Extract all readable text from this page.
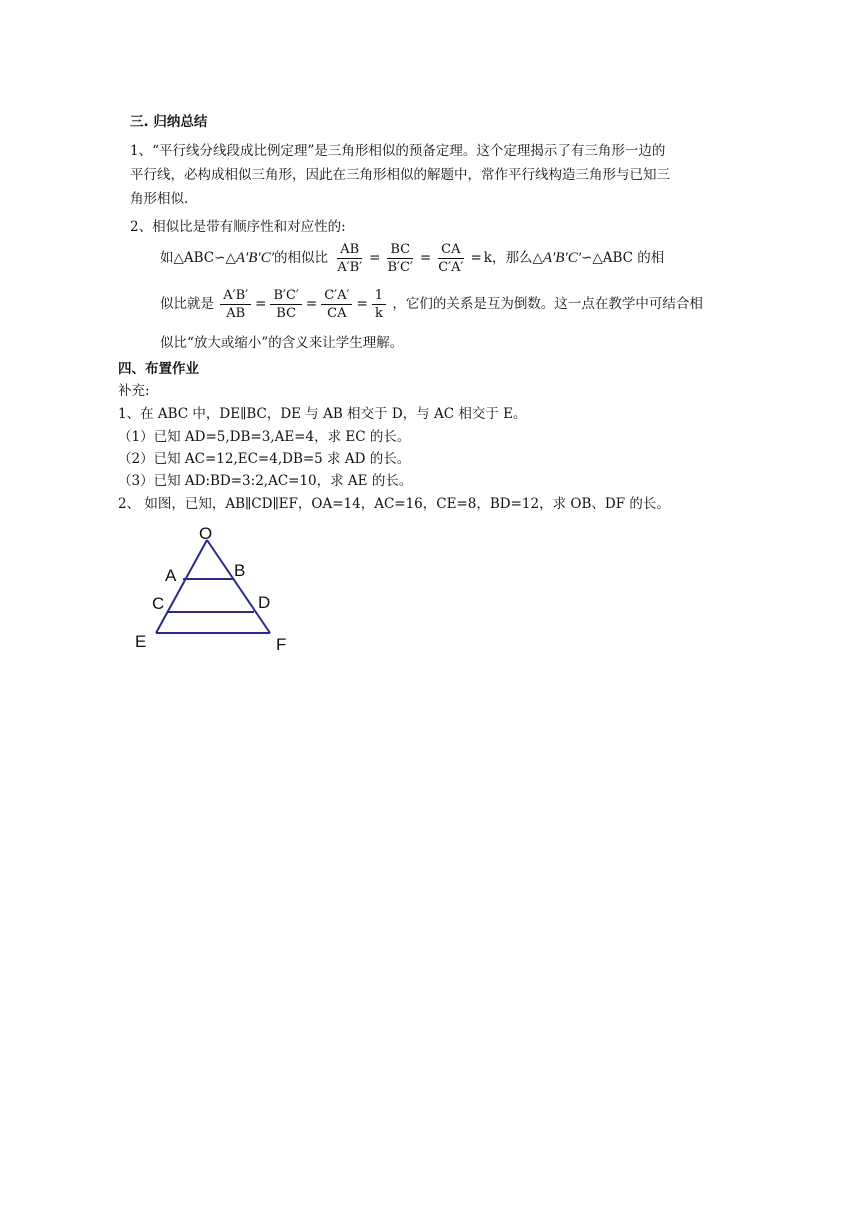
三. 归纳总结
1、“平行线分线段成比例定理”是三角形相似的预备定理。这个定理揭示了有三角形一边的
平行线，必构成相似三角形，因此在三角形相似的解题中，常作平行线构造三角形与已知三
角形相似.
2、相似比是带有顺序性和对应性的:
如△ABC∽△A′B′C′的相似比 $\frac{AB}{A'B'} = \frac{BC}{B'C'} = \frac{CA}{C'A'} = k$，那么△A′B′C′∽△ABC 的相
似比就是 $\frac{A'B'}{AB} = \frac{B'C'}{BC} = \frac{C'A'}{CA} = \frac{1}{k}$ ，它们的关系是互为倒数。这一点在教学中可结合相
似比“放大或缩小”的含义来让学生理解。
四、布置作业
补充:
1、在 ABC 中，DE∥BC，DE 与 AB 相交于 D，与 AC 相交于 E。
（1）已知 AD=5,DB=3,AE=4，求 EC 的长。
（2）已知 AC=12,EC=4,DB=5 求 AD 的长。
（3）已知 AD:BD=3:2,AC=10，求 AE 的长。
2、 如图，已知，AB∥CD∥EF，OA=14，AC=16，CE=8，BD=12，求 OB、DF 的长。
O
A	B
C	D
E	F
